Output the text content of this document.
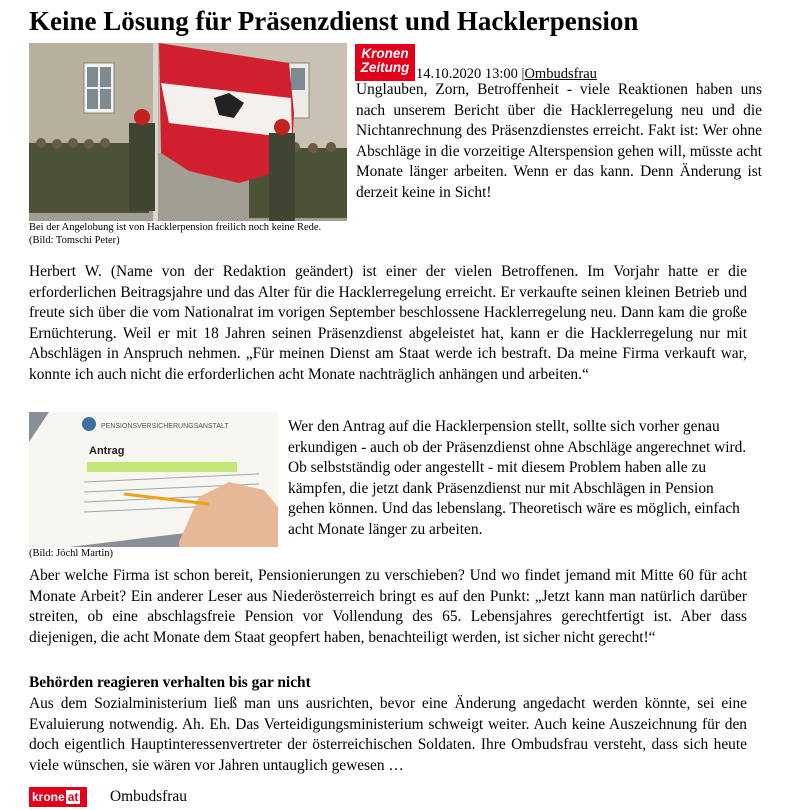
Keine Lösung für Präsenzdienst und Hacklerpension
Bei der Angelobung ist von Hacklerpension freilich noch keine Rede.
(Bild: Tomschi Peter)
Kronen
Zeitung 14.10.2020 13:00 |Ombudsfrau

Unglauben, Zorn, Betroffenheit - viele Reaktionen haben uns nach unserem Bericht über die Hacklerregelung neu und die Nichtanrechnung des Präsenzdienstes erreicht. Fakt ist: Wer ohne Abschläge in die vorzeitige Alterspension gehen will, müsste acht Monate länger arbeiten. Wenn er das kann. Denn Änderung ist derzeit keine in Sicht!

Herbert W. (Name von der Redaktion geändert) ist einer der vielen Betroffenen. Im Vorjahr hatte er die erforderlichen Beitragsjahre und das Alter für die Hacklerregelung erreicht. Er verkaufte seinen kleinen Betrieb und freute sich über die vom Nationalrat im vorigen September beschlossene Hacklerregelung neu. Dann kam die große Ernüchterung. Weil er mit 18 Jahren seinen Präsenzdienst abgeleistet hat, kann er die Hacklerregelung nur mit Abschlägen in Anspruch nehmen. „Für meinen Dienst am Staat werde ich bestraft. Da meine Firma verkauft war, konnte ich auch nicht die erforderlichen acht Monate nachträglich anhängen und arbeiten.“

PENSIONSVERSICHERUNGSANSTALT
Antrag
(Bild: Jöchl Martin)
Wer den Antrag auf die Hacklerpension stellt, sollte sich vorher genau erkundigen - auch ob der Präsenzdienst ohne Abschläge angerechnet wird.
Ob selbstständig oder angestellt - mit diesem Problem haben alle zu kämpfen, die jetzt dank Präsenzdienst nur mit Abschlägen in Pension gehen können. Und das lebenslang. Theoretisch wäre es möglich, einfach acht Monate länger zu arbeiten.

Aber welche Firma ist schon bereit, Pensionierungen zu verschieben? Und wo findet jemand mit Mitte 60 für acht Monate Arbeit? Ein anderer Leser aus Niederösterreich bringt es auf den Punkt: „Jetzt kann man natürlich darüber streiten, ob eine abschlagsfreie Pension vor Vollendung des 65. Lebensjahres gerechtfertigt ist. Aber dass diejenigen, die acht Monate dem Staat geopfert haben, benachteiligt werden, ist sicher nicht gerecht!“

Behörden reagieren verhalten bis gar nicht

Aus dem Sozialministerium ließ man uns ausrichten, bevor eine Änderung angedacht werden könnte, sei eine Evaluierung notwendig. Ah. Eh. Das Verteidigungsministerium schweigt weiter. Auch keine Auszeichnung für den doch eigentlich Hauptinteressenvertreter der österreichischen Soldaten. Ihre Ombudsfrau versteht, dass sich heute viele wünschen, sie wären vor Jahren untauglich gewesen …

krone at	Ombudsfrau
